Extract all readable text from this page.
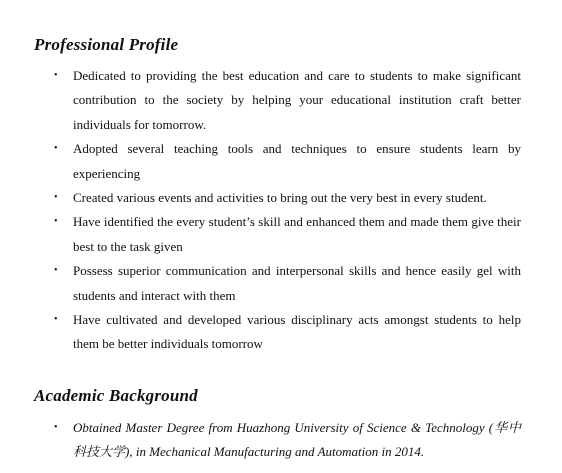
Professional Profile
• Dedicated to providing the best education and care to students to make significant contribution to the society by helping your educational institution craft better individuals for tomorrow.
• Adopted several teaching tools and techniques to ensure students learn by experiencing
• Created various events and activities to bring out the very best in every student.
• Have identified the every student’s skill and enhanced them and made them give their best to the task given
• Possess superior communication and interpersonal skills and hence easily gel with students and interact with them
• Have cultivated and developed various disciplinary acts amongst students to help them be better individuals tomorrow
Academic Background
• Obtained Master Degree from Huazhong University of Science & Technology (华中科技大学), in Mechanical Manufacturing and Automation in 2014.
